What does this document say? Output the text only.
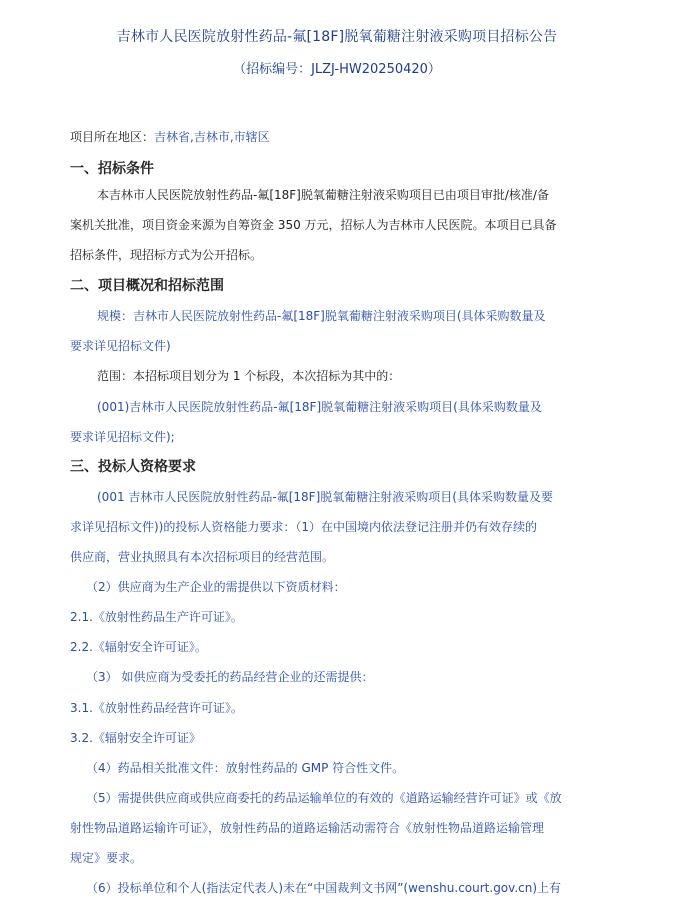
吉林市人民医院放射性药品-氟[18F]脱氧葡糖注射液采购项目招标公告
（招标编号：JLZJ-HW20250420）
项目所在地区：吉林省,吉林市,市辖区
一、招标条件
本吉林市人民医院放射性药品-氟[18F]脱氧葡糖注射液采购项目已由项目审批/核准/备
案机关批准，项目资金来源为自筹资金 350 万元，招标人为吉林市人民医院。本项目已具备
招标条件，现招标方式为公开招标。
二、项目概况和招标范围
规模：吉林市人民医院放射性药品-氟[18F]脱氧葡糖注射液采购项目(具体采购数量及
要求详见招标文件)
范围：本招标项目划分为 1 个标段，本次招标为其中的：
(001)吉林市人民医院放射性药品-氟[18F]脱氧葡糖注射液采购项目(具体采购数量及
要求详见招标文件);
三、投标人资格要求
(001 吉林市人民医院放射性药品-氟[18F]脱氧葡糖注射液采购项目(具体采购数量及要
求详见招标文件))的投标人资格能力要求：（1）在中国境内依法登记注册并仍有效存续的
供应商，营业执照具有本次招标项目的经营范围。
（2）供应商为生产企业的需提供以下资质材料：
2.1.《放射性药品生产许可证》。
2.2.《辐射安全许可证》。
（3） 如供应商为受委托的药品经营企业的还需提供：
3.1.《放射性药品经营许可证》。
3.2.《辐射安全许可证》
（4）药品相关批准文件：放射性药品的 GMP 符合性文件。
（5）需提供供应商或供应商委托的药品运输单位的有效的《道路运输经营许可证》或《放
射性物品道路运输许可证》，放射性药品的道路运输活动需符合《放射性物品道路运输管理
规定》要求。
（6）投标单位和个人(指法定代表人)未在“中国裁判文书网”(wenshu.court.gov.cn)上有
